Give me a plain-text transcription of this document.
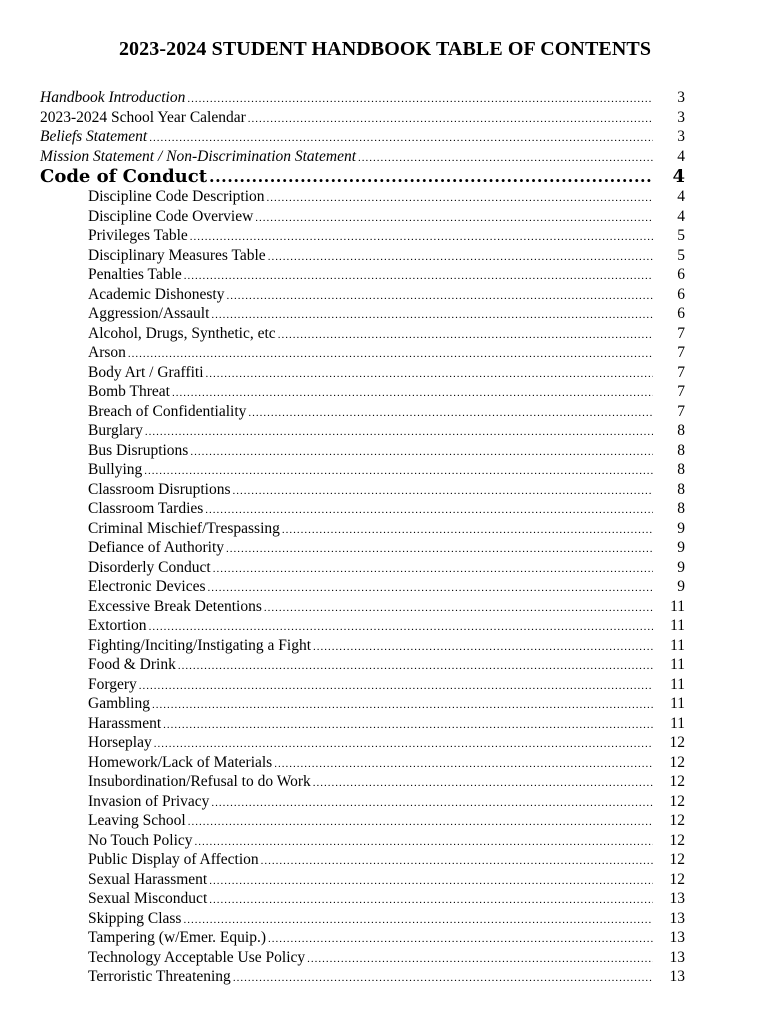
2023-2024 STUDENT HANDBOOK TABLE OF CONTENTS
Handbook Introduction .....	3
2023-2024 School Year Calendar .....	3
Beliefs Statement .....	3
Mission Statement / Non-Discrimination Statement .....	4
Code of Conduct .....	4
Discipline Code Description .....	4
Discipline Code Overview .....	4
Privileges Table .....	5
Disciplinary Measures Table .....	5
Penalties Table .....	6
Academic Dishonesty .....	6
Aggression/Assault .....	6
Alcohol, Drugs, Synthetic, etc .....	7
Arson .....	7
Body Art / Graffiti .....	7
Bomb Threat .....	7
Breach of Confidentiality .....	7
Burglary .....	8
Bus Disruptions .....	8
Bullying .....	8
Classroom Disruptions .....	8
Classroom Tardies .....	8
Criminal Mischief/Trespassing .....	9
Defiance of Authority .....	9
Disorderly Conduct .....	9
Electronic Devices .....	9
Excessive Break Detentions .....	11
Extortion .....	11
Fighting/Inciting/Instigating a Fight .....	11
Food & Drink .....	11
Forgery .....	11
Gambling .....	11
Harassment .....	11
Horseplay .....	12
Homework/Lack of Materials .....	12
Insubordination/Refusal to do Work .....	12
Invasion of Privacy .....	12
Leaving School .....	12
No Touch Policy .....	12
Public Display of Affection .....	12
Sexual Harassment .....	12
Sexual Misconduct .....	13
Skipping Class .....	13
Tampering (w/Emer. Equip.) .....	13
Technology Acceptable Use Policy .....	13
Terroristic Threatening .....	13
